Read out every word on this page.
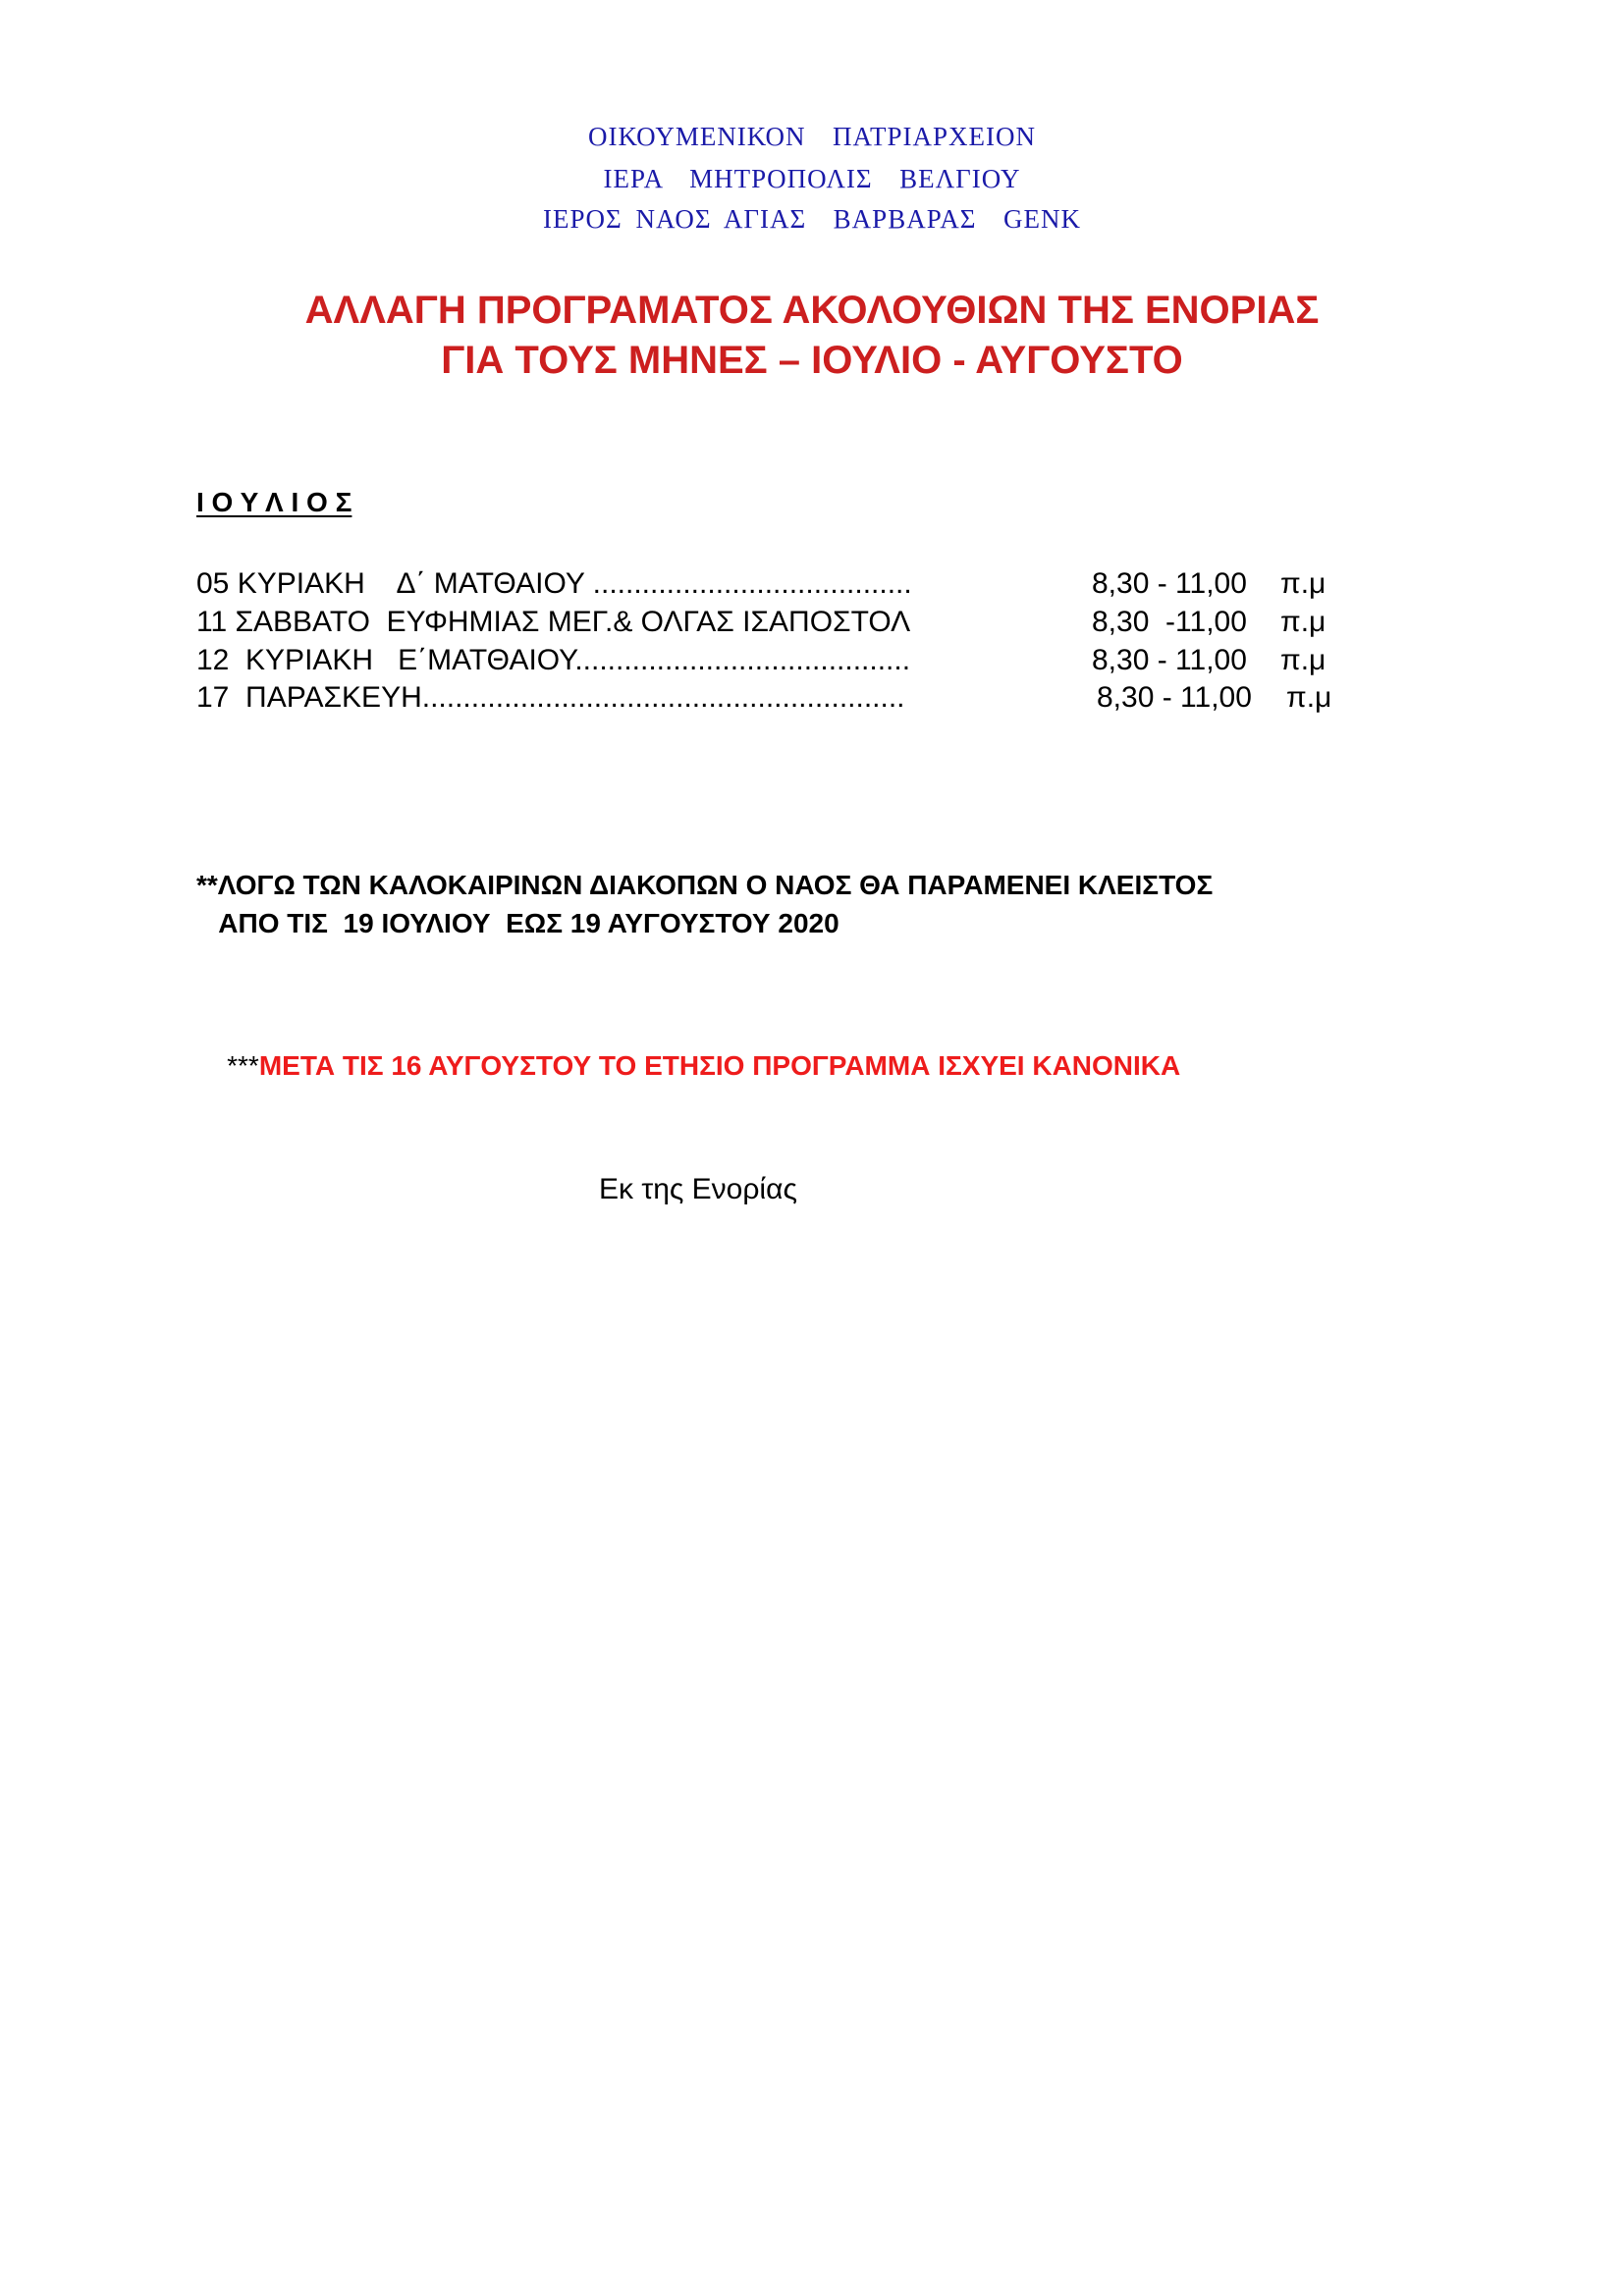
ΟΙΚΟΥΜΕΝΙΚΟΝ  ΠΑΤΡΙΑΡΧΕΙΟΝ
ΙΕΡΑ  ΜΗΤΡΟΠΟΛΙΣ  ΒΕΛΓΙΟΥ
ΙΕΡΟΣ ΝΑΟΣ ΑΓΙΑΣ  ΒΑΡΒΑΡΑΣ  GENK
ΑΛΛΑΓΗ ΠΡΟΓΡΑΜΑΤΟΣ ΑΚΟΛΟΥΘΙΩΝ ΤΗΣ ΕΝΟΡΙΑΣ
ΓΙΑ ΤΟΥΣ ΜΗΝΕΣ – ΙΟΥΛΙΟ - ΑΥΓΟΥΣΤΟ
Ι Ο Υ Λ Ι Ο Σ
05 ΚΥΡΙΑΚΗ    Δ΄ ΜΑΤΘΑΙΟΥ .......................................	8,30 - 11,00 π.μ
11 ΣΑΒΒΑΤΟ  ΕΥΦΗΜΙΑΣ ΜΕΓ.& ΟΛΓΑΣ ΙΣΑΠΟΣΤΟΛ	8,30  -11,00 π.μ
12  ΚΥΡΙΑΚΗ   Ε΄ΜΑΤΘΑΙΟΥ.........................................	8,30 - 11,00 π.μ
17  ΠΑΡΑΣΚΕΥΗ...........................................................	8,30 - 11,00 π.μ
**ΛΟΓΩ ΤΩΝ ΚΑΛΟΚΑΙΡΙΝΩΝ ΔΙΑΚΟΠΩΝ Ο ΝΑΟΣ ΘΑ ΠΑΡΑΜΕΝΕΙ ΚΛΕΙΣΤΟΣ
ΑΠΟ ΤΙΣ  19 ΙΟΥΛΙΟΥ  ΕΩΣ 19 ΑΥΓΟΥΣΤΟΥ 2020

***ΜΕΤΑ ΤΙΣ 16 ΑΥΓΟΥΣΤΟΥ ΤΟ ΕΤΗΣΙΟ ΠΡΟΓΡΑΜΜΑ ΙΣΧΥΕΙ ΚΑΝΟΝΙΚΑ

Εκ της Ενορίας
